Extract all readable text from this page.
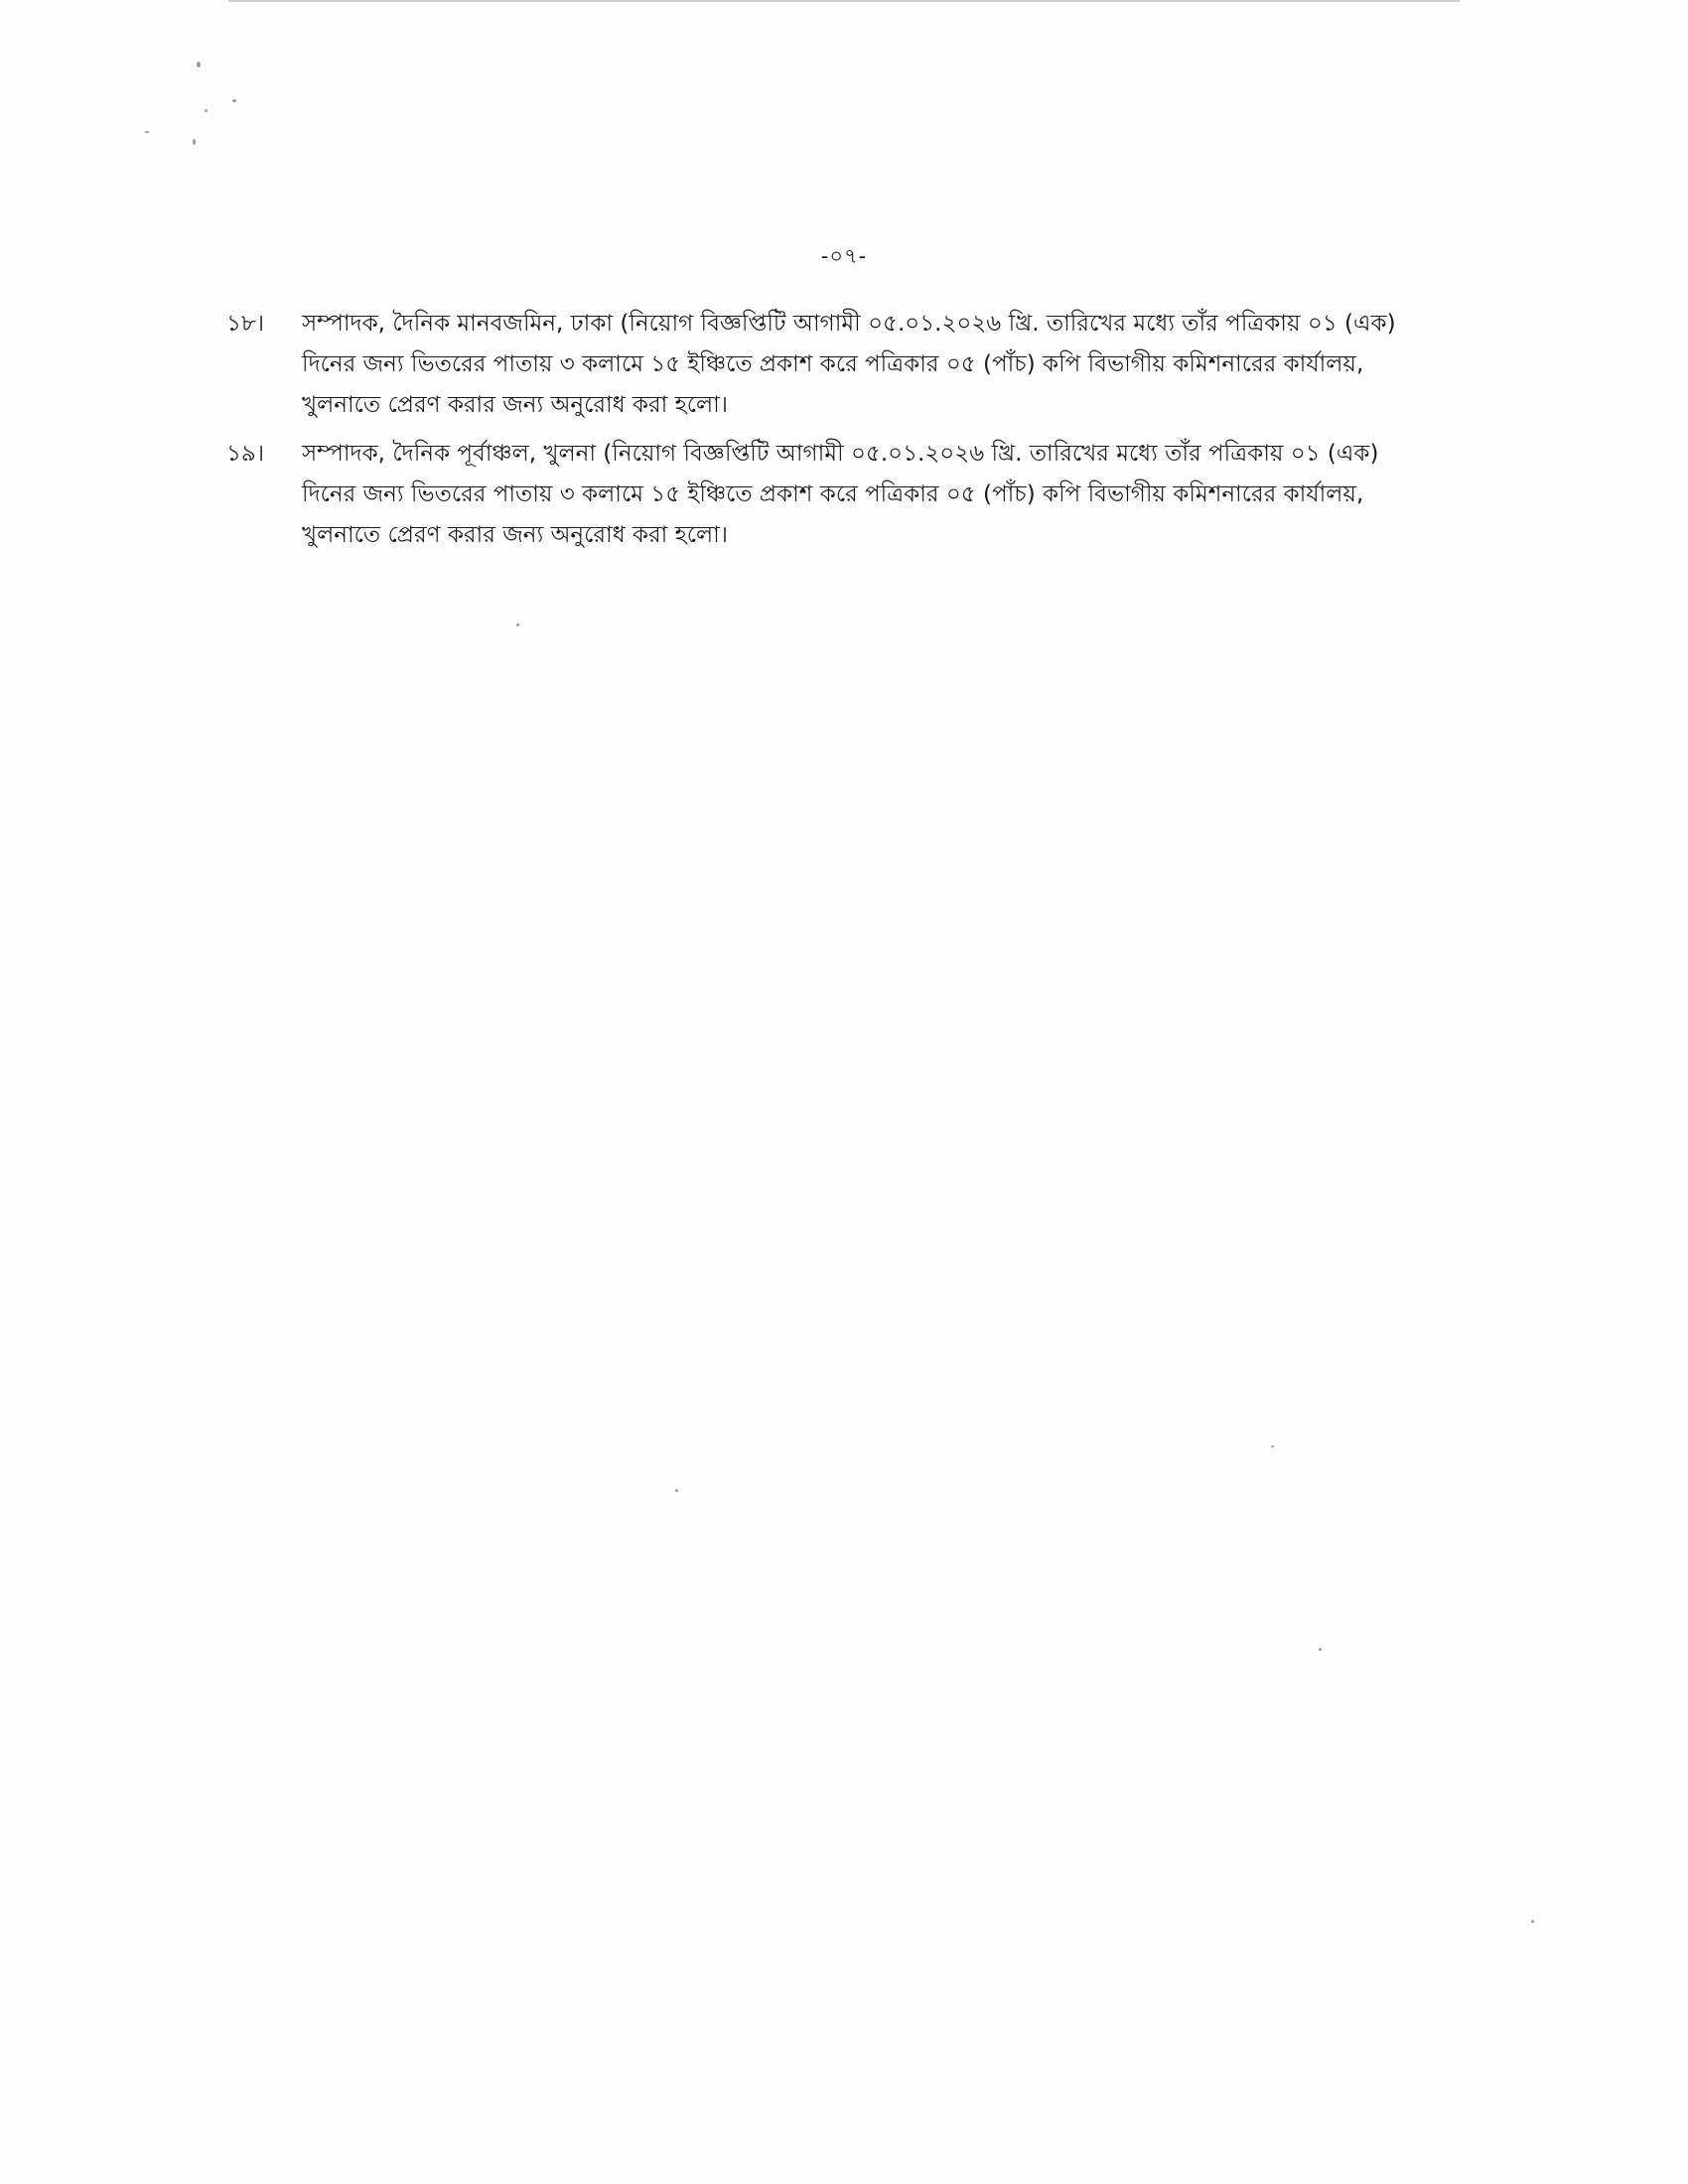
-০৭-
১৮।	সম্পাদক, দৈনিক মানবজমিন, ঢাকা (নিয়োগ বিজ্ঞপ্তিটি আগামী ০৫.০১.২০২৬ খ্রি. তারিখের মধ্যে তাঁর পত্রিকায় ০১ (এক)
দিনের জন্য ভিতরের পাতায় ৩ কলামে ১৫ ইঞ্চিতে প্রকাশ করে পত্রিকার ০৫ (পাঁচ) কপি বিভাগীয় কমিশনারের কার্যালয়,
খুলনাতে প্রেরণ করার জন্য অনুরোধ করা হলো।
১৯।	সম্পাদক, দৈনিক পূর্বাঞ্চল, খুলনা (নিয়োগ বিজ্ঞপ্তিটি আগামী ০৫.০১.২০২৬ খ্রি. তারিখের মধ্যে তাঁর পত্রিকায় ০১ (এক)
দিনের জন্য ভিতরের পাতায় ৩ কলামে ১৫ ইঞ্চিতে প্রকাশ করে পত্রিকার ০৫ (পাঁচ) কপি বিভাগীয় কমিশনারের কার্যালয়,
খুলনাতে প্রেরণ করার জন্য অনুরোধ করা হলো।
